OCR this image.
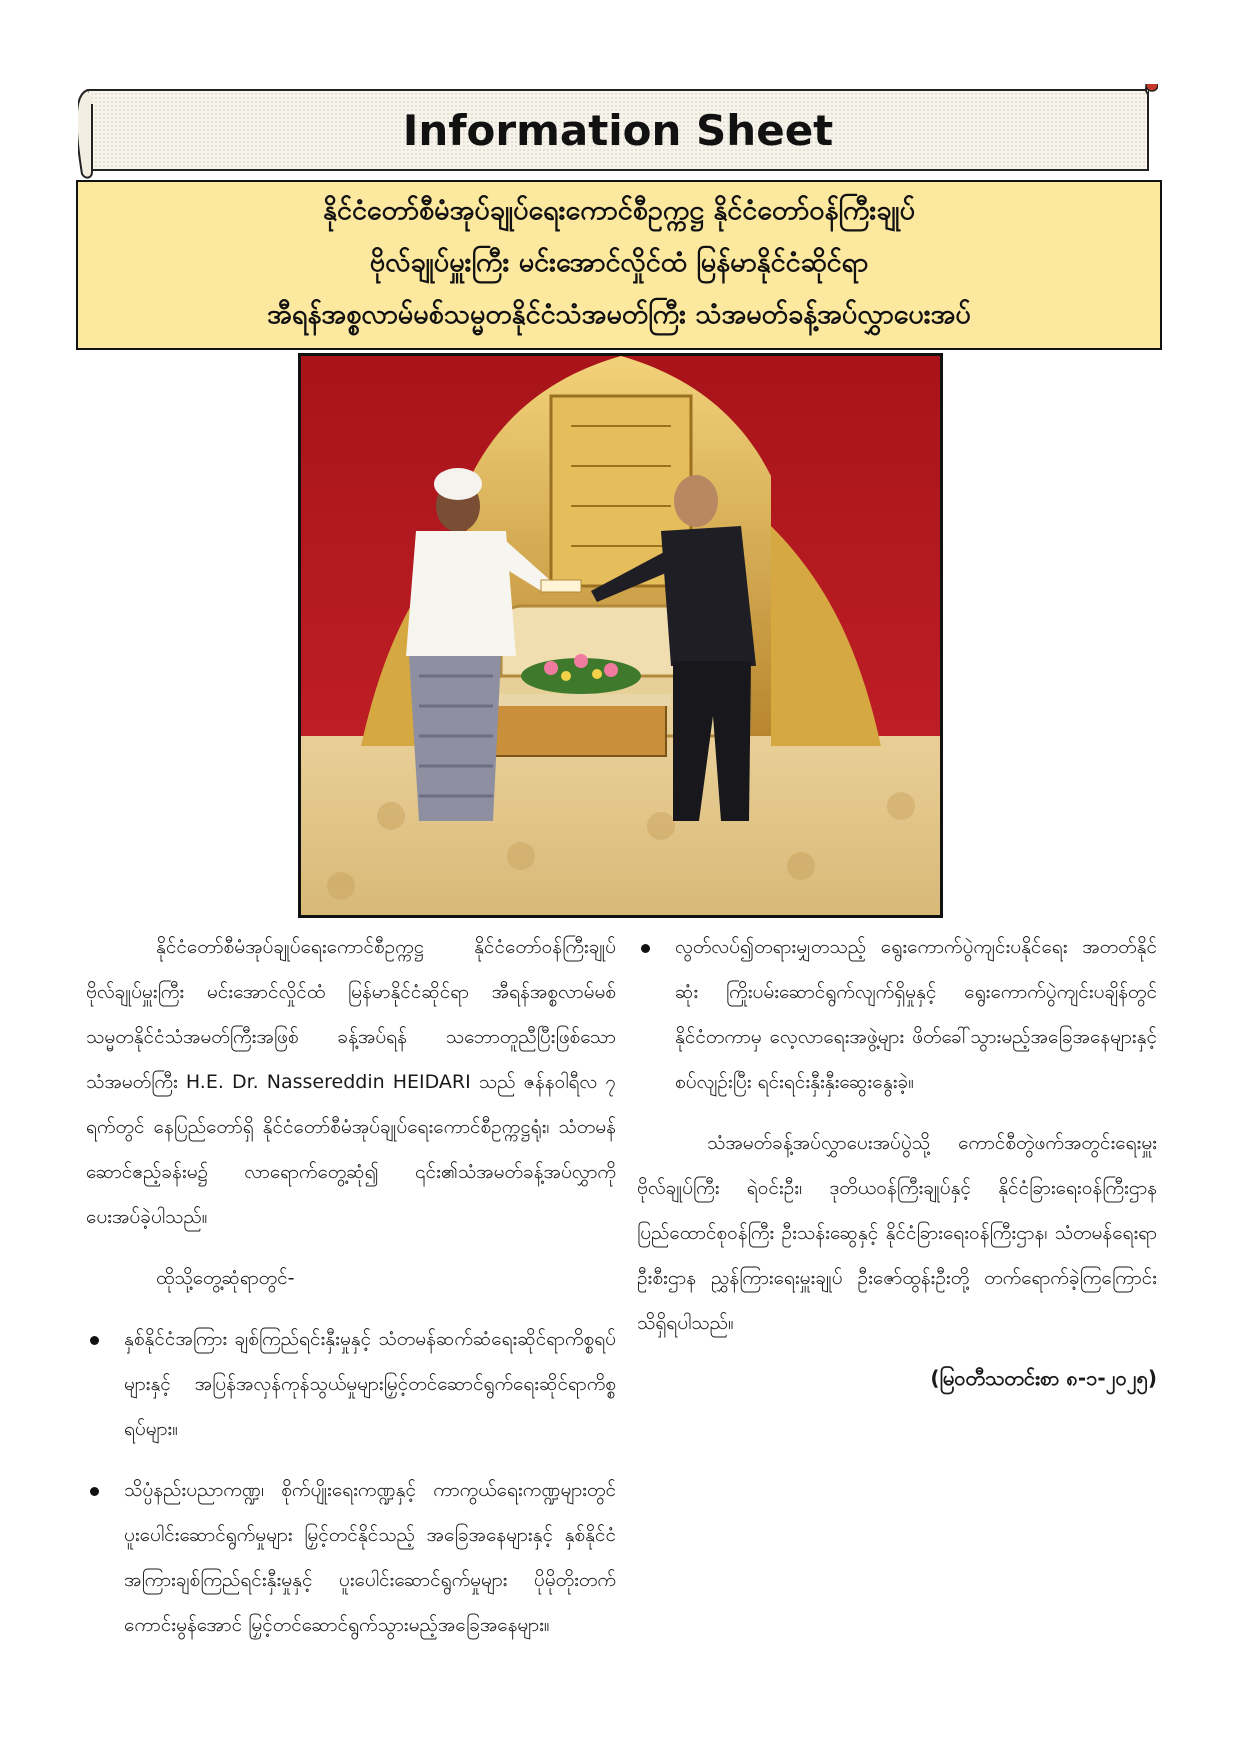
Information Sheet
နိုင်ငံတော်စီမံအုပ်ချုပ်ရေးကောင်စီဥက္ကဋ္ဌ နိုင်ငံတော်ဝန်ကြီးချုပ်
ဗိုလ်ချုပ်မှူးကြီး မင်းအောင်လှိုင်ထံ မြန်မာနိုင်ငံဆိုင်ရာ
အီရန်အစ္စလာမ်မစ်သမ္မတနိုင်ငံသံအမတ်ကြီး သံအမတ်ခန့်အပ်လွှာပေးအပ်

နိုင်ငံတော်စီမံအုပ်ချုပ်ရေးကောင်စီဥက္ကဋ္ဌ နိုင်ငံတော်ဝန်ကြီးချုပ် ဗိုလ်ချုပ်မှူးကြီး မင်းအောင်လှိုင်ထံ မြန်မာနိုင်ငံဆိုင်ရာ အီရန်အစ္စလာမ်မစ်သမ္မတနိုင်ငံသံအမတ်ကြီးအဖြစ် ခန့်အပ်ရန် သဘောတူညီပြီးဖြစ်သော သံအမတ်ကြီး H.E. Dr. Nassereddin HEIDARI သည် ဇန်နဝါရီလ ၇ ရက်တွင် နေပြည်တော်ရှိ နိုင်ငံတော်စီမံအုပ်ချုပ်ရေးကောင်စီဥက္ကဋ္ဌရုံး၊ သံတမန်ဆောင်ဧည့်ခန်းမ၌ လာရောက်တွေ့ဆုံ၍ ၎င်း၏သံအမတ်ခန့်အပ်လွှာကို ပေးအပ်ခဲ့ပါသည်။

ထိုသို့တွေ့ဆုံရာတွင်-

နှစ်နိုင်ငံအကြား ချစ်ကြည်ရင်းနှီးမှုနှင့် သံတမန်ဆက်ဆံရေးဆိုင်ရာကိစ္စရပ်များနှင့် အပြန်အလှန်ကုန်သွယ်မှုများမြှင့်တင်ဆောင်ရွက်ရေးဆိုင်ရာကိစ္စရပ်များ။
သိပ္ပံနည်းပညာကဏ္ဍ၊ စိုက်ပျိုးရေးကဏ္ဍနှင့် ကာကွယ်ရေးကဏ္ဍများတွင် ပူးပေါင်းဆောင်ရွက်မှုများ မြှင့်တင်နိုင်သည့် အခြေအနေများနှင့် နှစ်နိုင်ငံအကြားချစ်ကြည်ရင်းနှီးမှုနှင့် ပူးပေါင်းဆောင်ရွက်မှုများ ပိုမိုတိုးတက်ကောင်းမွန်အောင် မြှင့်တင်ဆောင်ရွက်သွားမည့်အခြေအနေများ။
လွတ်လပ်၍တရားမျှတသည့် ရွေးကောက်ပွဲကျင်းပနိုင်ရေး အတတ်နိုင်ဆုံး ကြိုးပမ်းဆောင်ရွက်လျက်ရှိမှုနှင့် ရွေးကောက်ပွဲကျင်းပချိန်တွင် နိုင်ငံတကာမှ လေ့လာရေးအဖွဲ့များ ဖိတ်ခေါ်သွားမည့်အခြေအနေများနှင့်စပ်လျဉ်းပြီး ရင်းရင်းနှီးနှီးဆွေးနွေးခဲ့။

သံအမတ်ခန့်အပ်လွှာပေးအပ်ပွဲသို့ ကောင်စီတွဲဖက်အတွင်းရေးမှူး ဗိုလ်ချုပ်ကြီး ရဲဝင်းဦး၊ ဒုတိယဝန်ကြီးချုပ်နှင့် နိုင်ငံခြားရေးဝန်ကြီးဌာန ပြည်ထောင်စုဝန်ကြီး ဦးသန်းဆွေနှင့် နိုင်ငံခြားရေးဝန်ကြီးဌာန၊ သံတမန်ရေးရာဦးစီးဌာန ညွှန်ကြားရေးမှူးချုပ် ဦးဇော်ထွန်းဦးတို့ တက်ရောက်ခဲ့ကြကြောင်း သိရှိရပါသည်။

(မြဝတီသတင်းစာ ၈-၁-၂၀၂၅)
